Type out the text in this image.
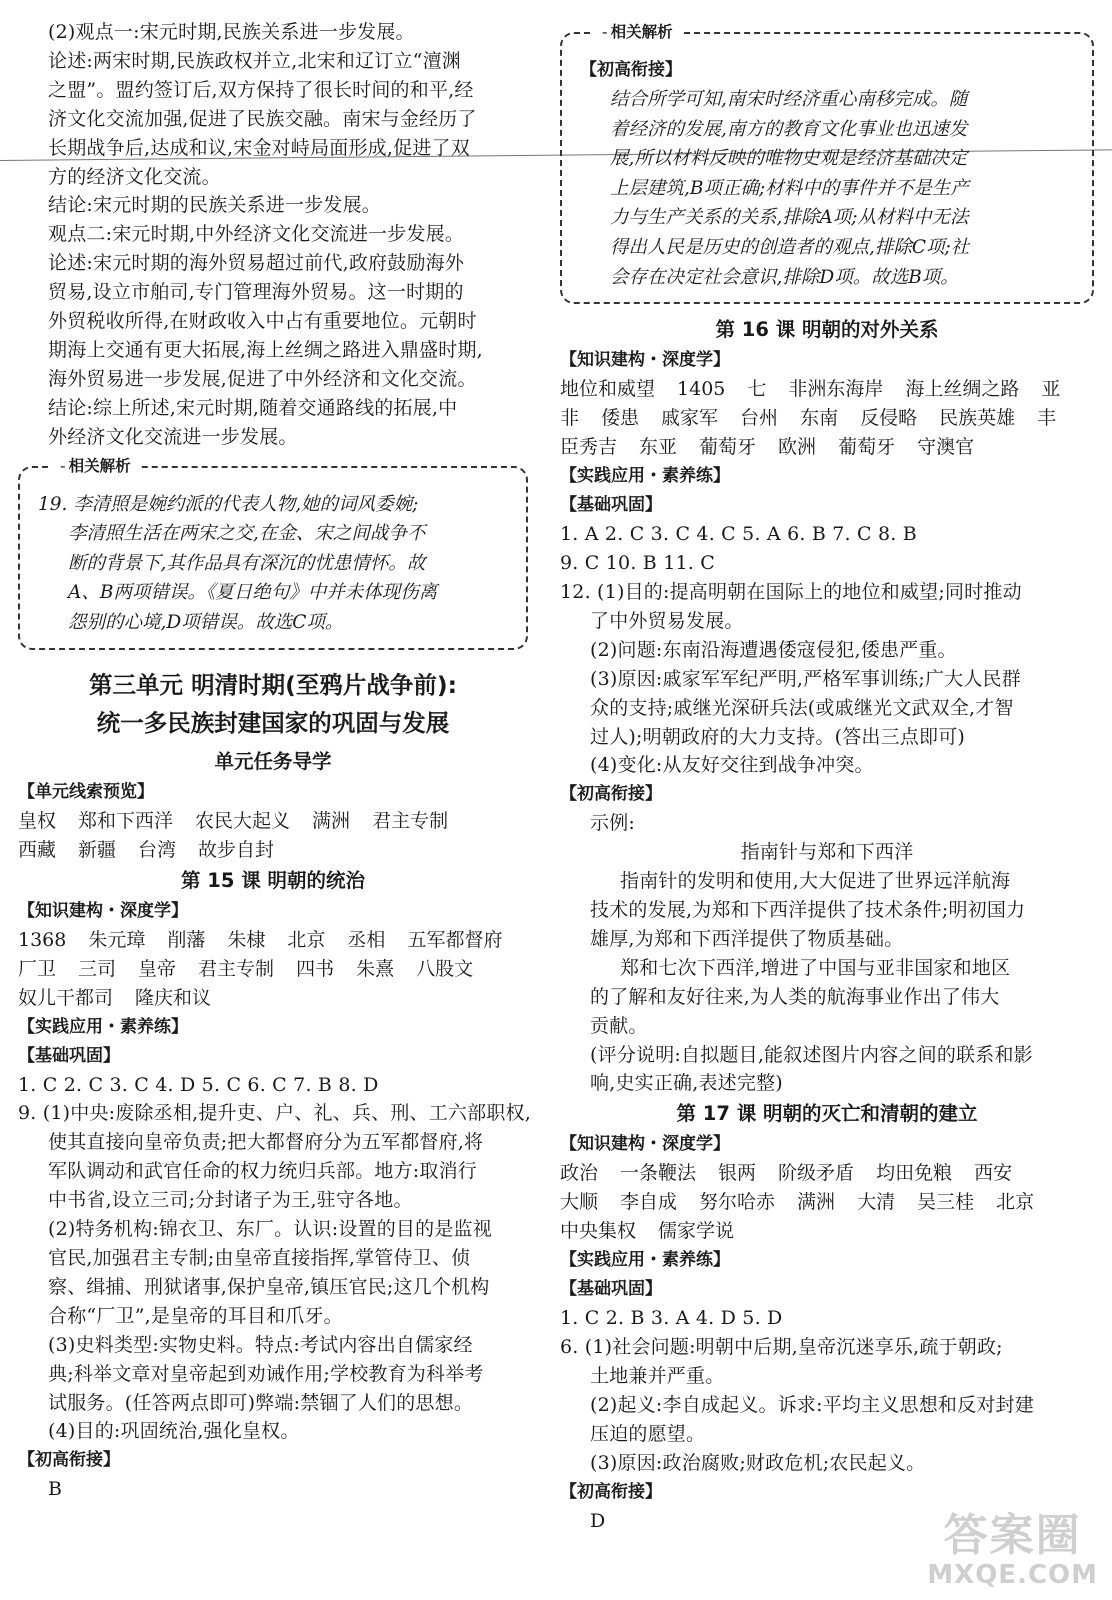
(2)观点一:宋元时期,民族关系进一步发展。
论述:两宋时期,民族政权并立,北宋和辽订立“澶渊
之盟”。盟约签订后,双方保持了很长时间的和平,经
济文化交流加强,促进了民族交融。南宋与金经历了
长期战争后,达成和议,宋金对峙局面形成,促进了双
方的经济文化交流。
结论:宋元时期的民族关系进一步发展。
观点二:宋元时期,中外经济文化交流进一步发展。
论述:宋元时期的海外贸易超过前代,政府鼓励海外
贸易,设立市舶司,专门管理海外贸易。这一时期的
外贸税收所得,在财政收入中占有重要地位。元朝时
期海上交通有更大拓展,海上丝绸之路进入鼎盛时期,
海外贸易进一步发展,促进了中外经济和文化交流。
结论:综上所述,宋元时期,随着交通路线的拓展,中
外经济文化交流进一步发展。
- 相关解析
19. 李清照是婉约派的代表人物,她的词风委婉;
李清照生活在两宋之交,在金、宋之间战争不
断的背景下,其作品具有深沉的忧患情怀。故
A、B两项错误。《夏日绝句》中并未体现伤离
怨别的心境,D项错误。故选C项。
第三单元 明清时期(至鸦片战争前):
统一多民族封建国家的巩固与发展
单元任务导学
【单元线索预览】
皇权 郑和下西洋 农民大起义 满洲 君主专制
西藏 新疆 台湾 故步自封
第 15 课 明朝的统治
【知识建构・深度学】
1368 朱元璋 削藩 朱棣 北京 丞相 五军都督府
厂卫 三司 皇帝 君主专制 四书 朱熹 八股文
奴儿干都司 隆庆和议
【实践应用・素养练】
【基础巩固】
1. C 2. C 3. C 4. D 5. C 6. C 7. B 8. D
9. (1)中央:废除丞相,提升吏、户、礼、兵、刑、工六部职权,
使其直接向皇帝负责;把大都督府分为五军都督府,将
军队调动和武官任命的权力统归兵部。地方:取消行
中书省,设立三司;分封诸子为王,驻守各地。
(2)特务机构:锦衣卫、东厂。认识:设置的目的是监视
官民,加强君主专制;由皇帝直接指挥,掌管侍卫、侦
察、缉捕、刑狱诸事,保护皇帝,镇压官民;这几个机构
合称“厂卫”,是皇帝的耳目和爪牙。
(3)史料类型:实物史料。特点:考试内容出自儒家经
典;科举文章对皇帝起到劝诫作用;学校教育为科举考
试服务。(任答两点即可)弊端:禁锢了人们的思想。
(4)目的:巩固统治,强化皇权。
【初高衔接】
B
- 相关解析
【初高衔接】
结合所学可知,南宋时经济重心南移完成。随
着经济的发展,南方的教育文化事业也迅速发
展,所以材料反映的唯物史观是经济基础决定
上层建筑,B项正确;材料中的事件并不是生产
力与生产关系的关系,排除A项;从材料中无法
得出人民是历史的创造者的观点,排除C项;社
会存在决定社会意识,排除D项。故选B项。
第 16 课 明朝的对外关系
【知识建构・深度学】
地位和威望 1405 七 非洲东海岸 海上丝绸之路 亚
非 倭患 戚家军 台州 东南 反侵略 民族英雄 丰
臣秀吉 东亚 葡萄牙 欧洲 葡萄牙 守澳官
【实践应用・素养练】
【基础巩固】
1. A 2. C 3. C 4. C 5. A 6. B 7. C 8. B
9. C 10. B 11. C
12. (1)目的:提高明朝在国际上的地位和威望;同时推动
了中外贸易发展。
(2)问题:东南沿海遭遇倭寇侵犯,倭患严重。
(3)原因:戚家军军纪严明,严格军事训练;广大人民群
众的支持;戚继光深研兵法(或戚继光文武双全,才智
过人);明朝政府的大力支持。(答出三点即可)
(4)变化:从友好交往到战争冲突。
【初高衔接】
示例:
指南针与郑和下西洋
指南针的发明和使用,大大促进了世界远洋航海
技术的发展,为郑和下西洋提供了技术条件;明初国力
雄厚,为郑和下西洋提供了物质基础。
郑和七次下西洋,增进了中国与亚非国家和地区
的了解和友好往来,为人类的航海事业作出了伟大
贡献。
(评分说明:自拟题目,能叙述图片内容之间的联系和影
响,史实正确,表述完整)
第 17 课 明朝的灭亡和清朝的建立
【知识建构・深度学】
政治 一条鞭法 银两 阶级矛盾 均田免粮 西安
大顺 李自成 努尔哈赤 满洲 大清 吴三桂 北京
中央集权 儒家学说
【实践应用・素养练】
【基础巩固】
1. C 2. B 3. A 4. D 5. D
6. (1)社会问题:明朝中后期,皇帝沉迷享乐,疏于朝政;
土地兼并严重。
(2)起义:李自成起义。诉求:平均主义思想和反对封建
压迫的愿望。
(3)原因:政治腐败;财政危机;农民起义。
【初高衔接】
D	答案圈
MXQE.COM
